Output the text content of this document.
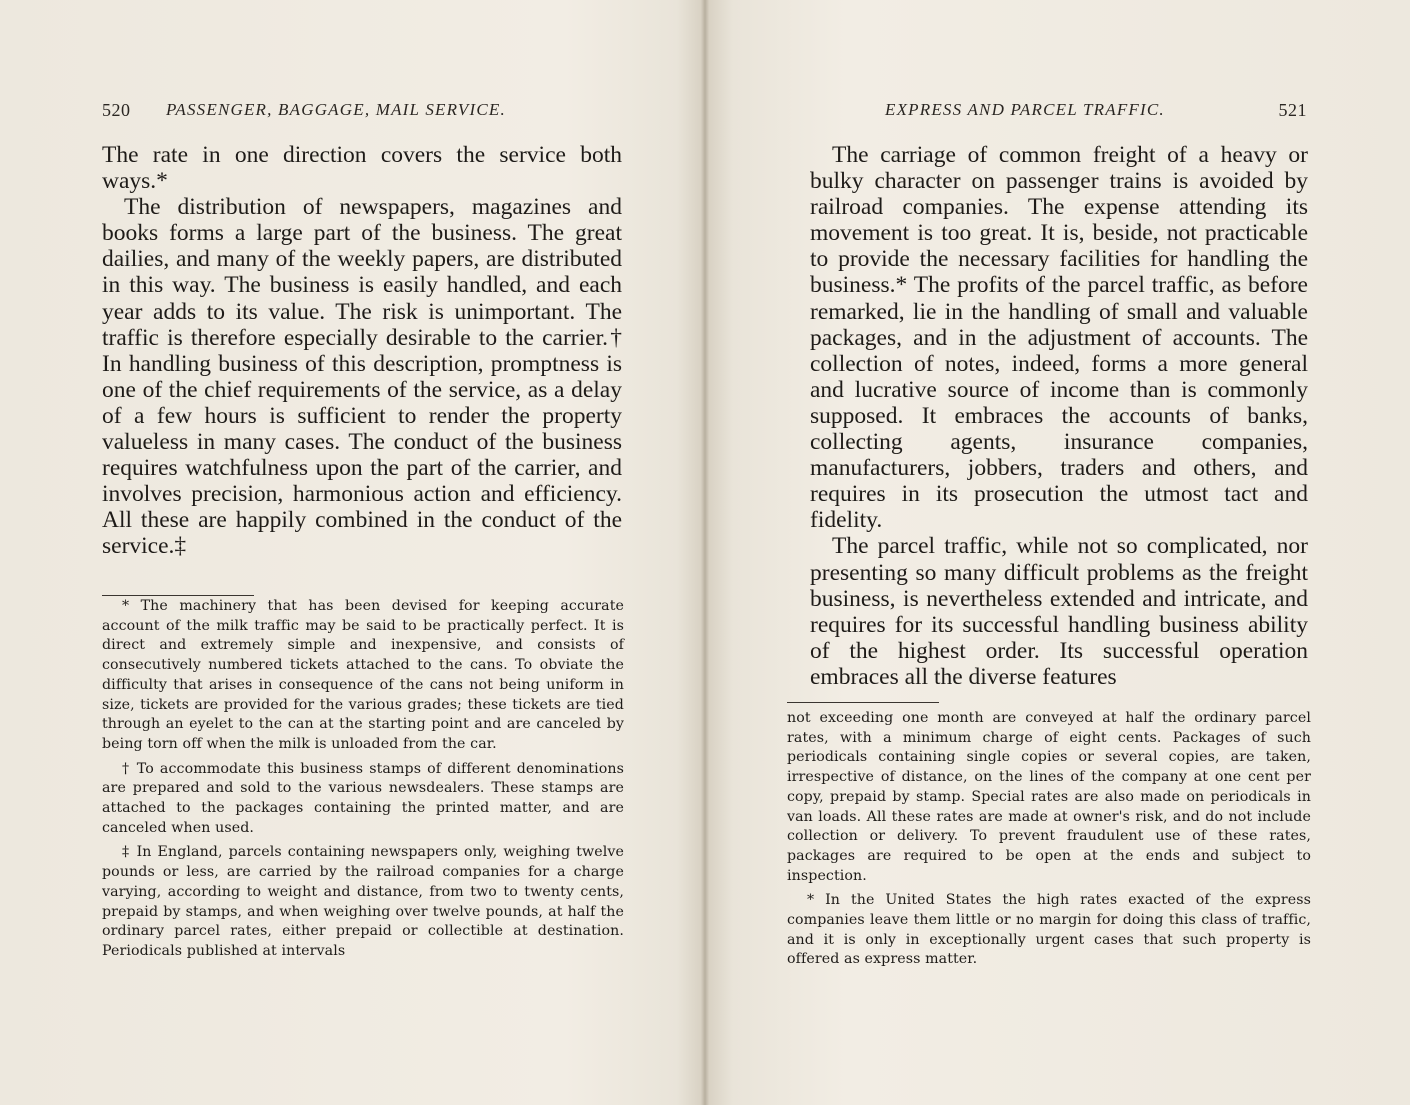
520 PASSENGER, BAGGAGE, MAIL SERVICE.

The rate in one direction covers the service both ways.*

The distribution of newspapers, magazines and books forms a large part of the business. The great dailies, and many of the weekly papers, are distributed in this way. The business is easily handled, and each year adds to its value. The risk is unimportant. The traffic is therefore especially desirable to the carrier.† In handling business of this description, promptness is one of the chief requirements of the service, as a delay of a few hours is sufficient to render the property valueless in many cases. The conduct of the business requires watchfulness upon the part of the carrier, and involves precision, harmonious action and efficiency. All these are happily combined in the conduct of the service.‡

* The machinery that has been devised for keeping accurate account of the milk traffic may be said to be practically perfect. It is direct and extremely simple and inexpensive, and consists of consecutively numbered tickets attached to the cans. To obviate the difficulty that arises in consequence of the cans not being uniform in size, tickets are provided for the various grades; these tickets are tied through an eyelet to the can at the starting point and are canceled by being torn off when the milk is unloaded from the car.

† To accommodate this business stamps of different denominations are prepared and sold to the various newsdealers. These stamps are attached to the packages containing the printed matter, and are canceled when used.

‡ In England, parcels containing newspapers only, weighing twelve pounds or less, are carried by the railroad companies for a charge varying, according to weight and distance, from two to twenty cents, prepaid by stamps, and when weighing over twelve pounds, at half the ordinary parcel rates, either prepaid or collectible at destination. Periodicals published at intervals

EXPRESS AND PARCEL TRAFFIC.	521

The carriage of common freight of a heavy or bulky character on passenger trains is avoided by railroad companies. The expense attending its movement is too great. It is, beside, not practicable to provide the necessary facilities for handling the business.* The profits of the parcel traffic, as before remarked, lie in the handling of small and valuable packages, and in the adjustment of accounts. The collection of notes, indeed, forms a more general and lucrative source of income than is commonly supposed. It embraces the accounts of banks, collecting agents, insurance companies, manufacturers, jobbers, traders and others, and requires in its prosecution the utmost tact and fidelity.

The parcel traffic, while not so complicated, nor presenting so many difficult problems as the freight business, is nevertheless extended and intricate, and requires for its successful handling business ability of the highest order. Its successful operation embraces all the diverse features

not exceeding one month are conveyed at half the ordinary parcel rates, with a minimum charge of eight cents. Packages of such periodicals containing single copies or several copies, are taken, irrespective of distance, on the lines of the company at one cent per copy, prepaid by stamp. Special rates are also made on periodicals in van loads. All these rates are made at owner's risk, and do not include collection or delivery. To prevent fraudulent use of these rates, packages are required to be open at the ends and subject to inspection.

* In the United States the high rates exacted of the express companies leave them little or no margin for doing this class of traffic, and it is only in exceptionally urgent cases that such property is offered as express matter.
